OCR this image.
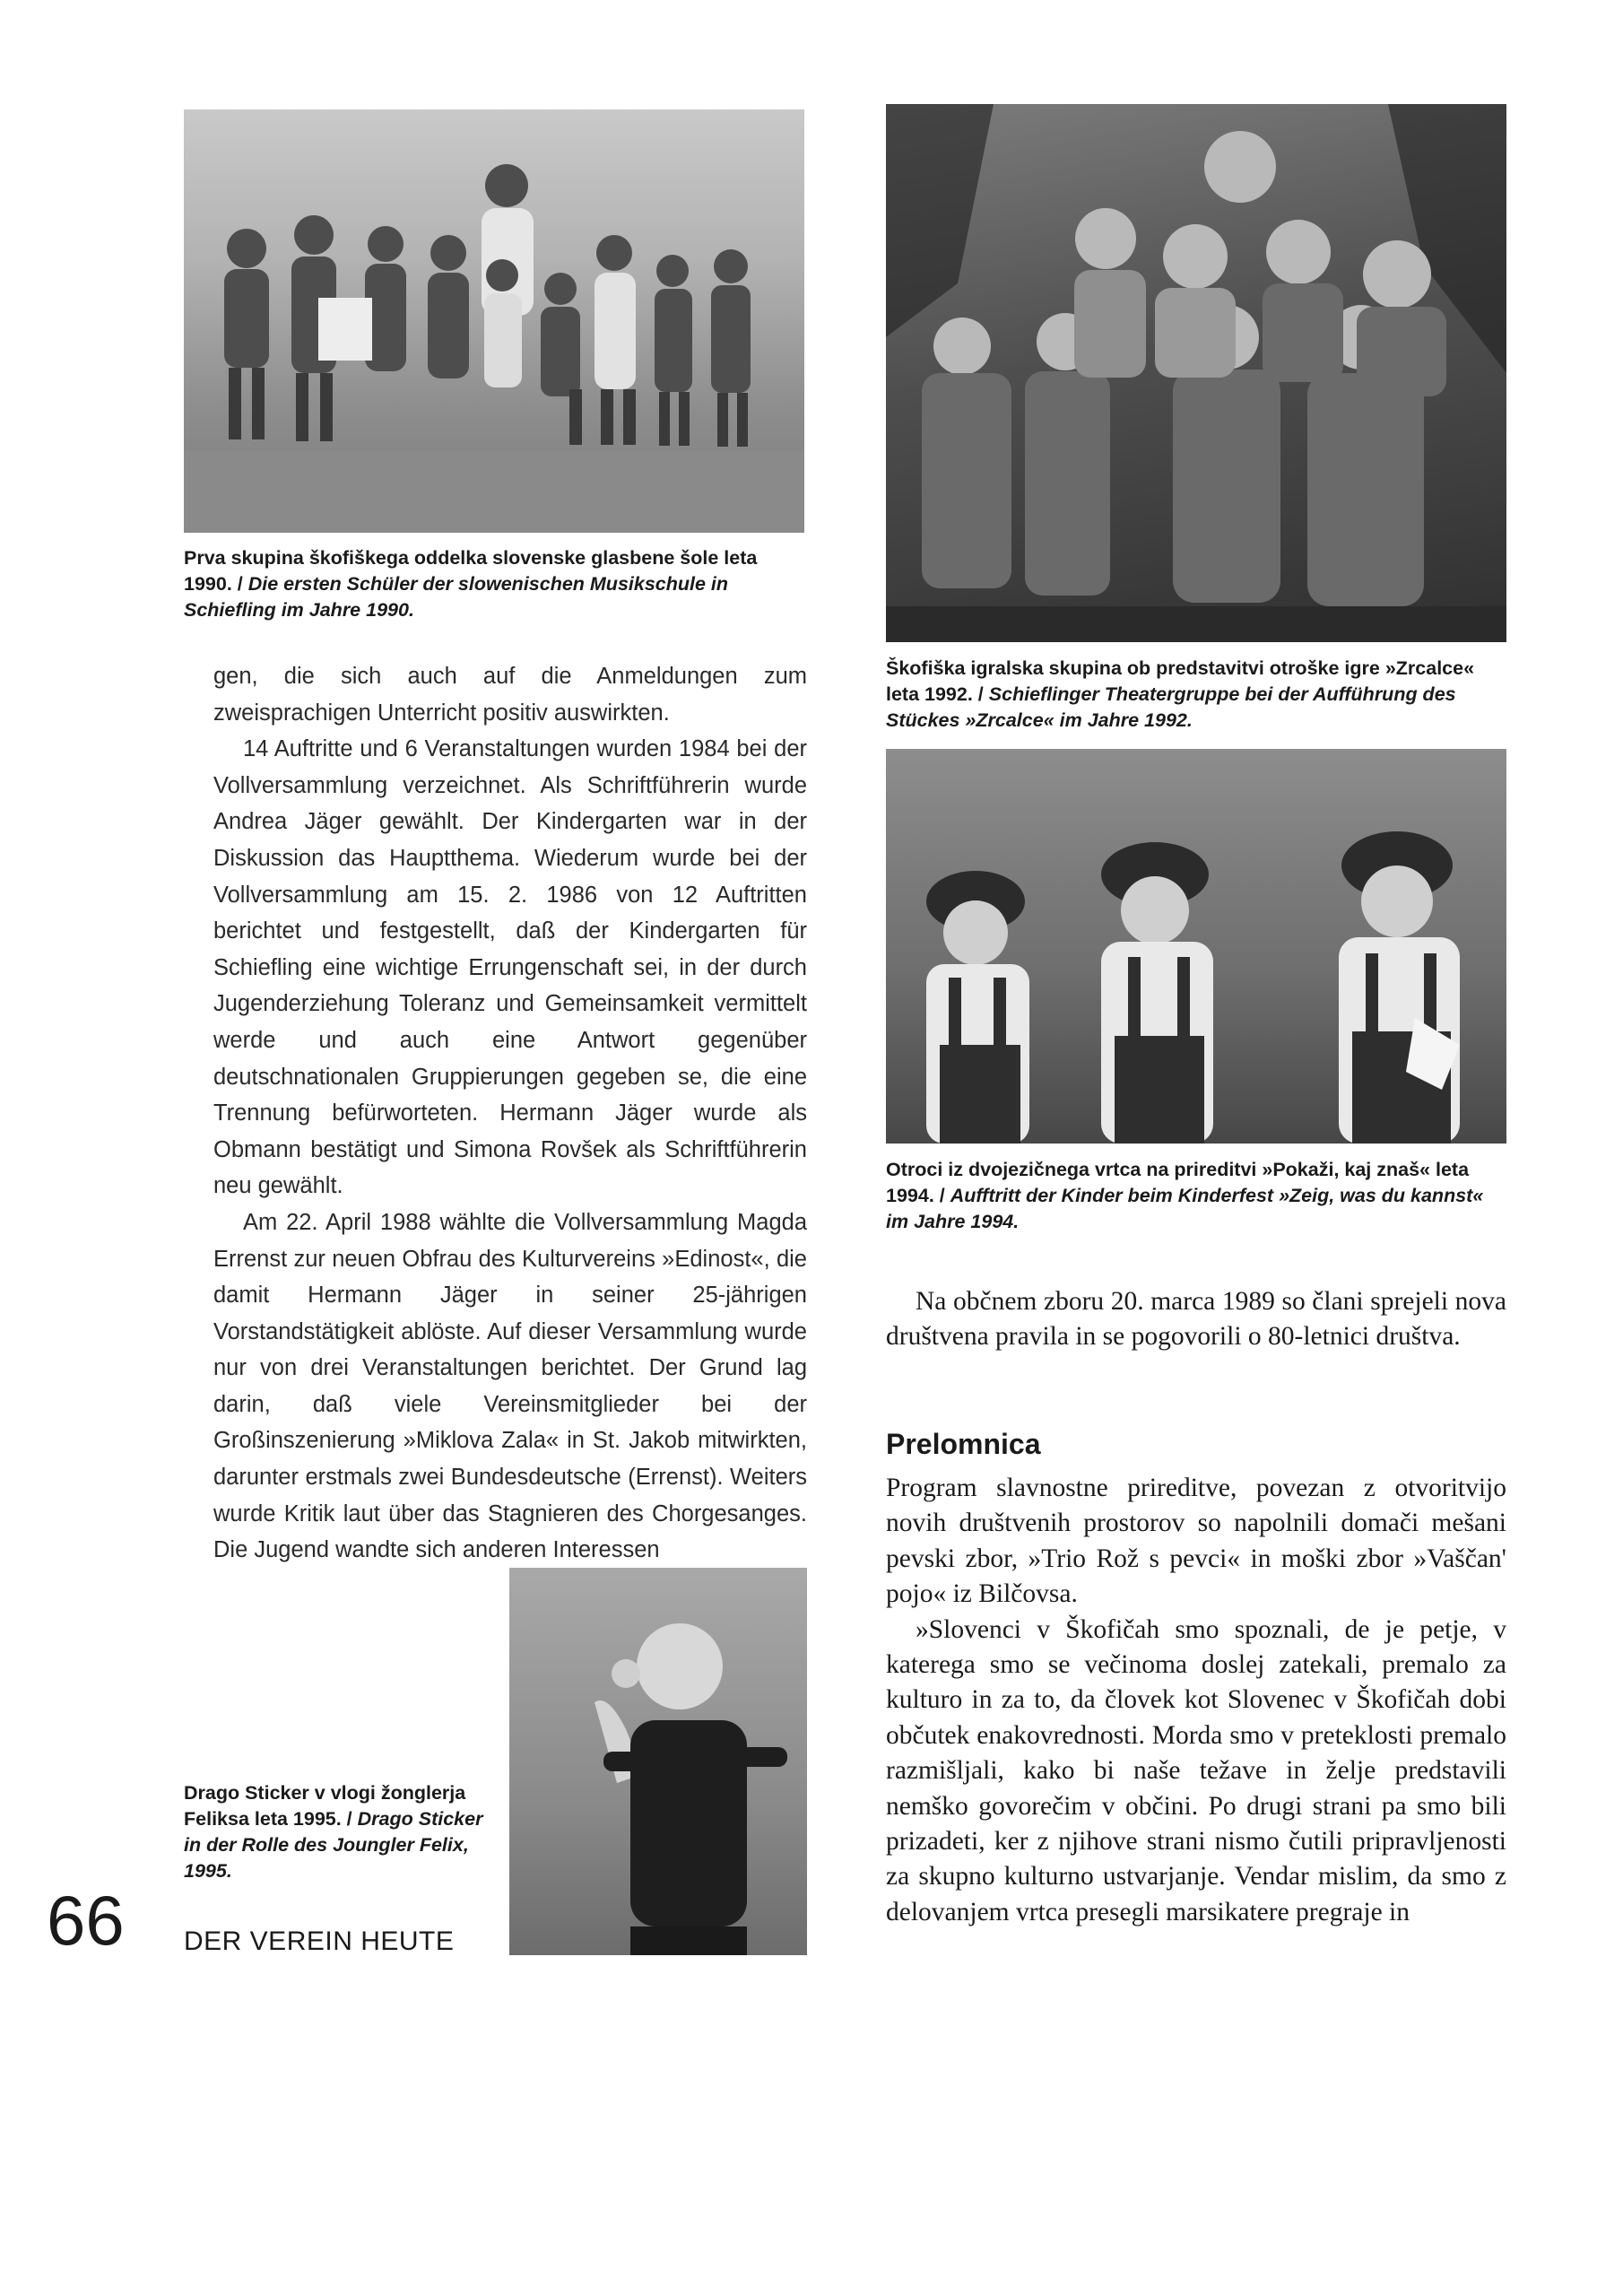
Prva skupina škofiškega oddelka slovenske glasbene šole leta 1990. / Die ersten Schüler der slowenischen Musikschule in Schiefling im Jahre 1990.

Škofiška igralska skupina ob predstavitvi otroške igre »Zrcalce« leta 1992. / Schieflinger Theatergruppe bei der Aufführung des Stückes »Zrcalce« im Jahre 1992.

Otroci iz dvojezičnega vrtca na prireditvi »Pokaži, kaj znaš« leta 1994. / Aufftritt der Kinder beim Kinderfest »Zeig, was du kannst« im Jahre 1994.

gen, die sich auch auf die Anmeldungen zum zweisprachigen Unterricht positiv auswirkten.

14 Auftritte und 6 Veranstaltungen wurden 1984 bei der Vollversammlung verzeichnet. Als Schriftführerin wurde Andrea Jäger gewählt. Der Kindergarten war in der Diskussion das Hauptthema. Wiederum wurde bei der Vollversammlung am 15. 2. 1986 von 12 Auftritten berichtet und festgestellt, daß der Kindergarten für Schiefling eine wichtige Errungenschaft sei, in der durch Jugenderziehung Toleranz und Gemeinsamkeit vermittelt werde und auch eine Antwort gegenüber deutschnationalen Gruppierungen gegeben se, die eine Trennung befürworteten. Hermann Jäger wurde als Obmann bestätigt und Simona Rovšek als Schriftführerin neu gewählt.

Am 22. April 1988 wählte die Vollversammlung Magda Errenst zur neuen Obfrau des Kulturvereins »Edinost«, die damit Hermann Jäger in seiner 25-jährigen Vorstandstätigkeit ablöste. Auf dieser Versammlung wurde nur von drei Veranstaltungen berichtet. Der Grund lag darin, daß viele Vereinsmitglieder bei der Großinszenierung »Miklova Zala« in St. Jakob mitwirkten, darunter erstmals zwei Bundesdeutsche (Errenst). Weiters wurde Kritik laut über das Stagnieren des Chorgesanges. Die Jugend wandte sich anderen Interessen

Drago Sticker v vlogi žonglerja Feliksa leta 1995. / Drago Sticker in der Rolle des Joungler Felix, 1995.

66 DER VEREIN HEUTE

Na občnem zboru 20. marca 1989 so člani sprejeli nova društvena pravila in se pogovorili o 80-letnici društva.

Prelomnica

Program slavnostne prireditve, povezan z otvoritvijo novih društvenih prostorov so napolnili domači mešani pevski zbor, »Trio Rož s pevci« in moški zbor »Vaščan' pojo« iz Bilčovsa.

»Slovenci v Škofičah smo spoznali, de je petje, v katerega smo se večinoma doslej zatekali, premalo za kulturo in za to, da človek kot Slovenec v Škofičah dobi občutek enakovrednosti. Morda smo v preteklosti premalo razmišljali, kako bi naše težave in želje predstavili nemško govorečim v občini. Po drugi strani pa smo bili prizadeti, ker z njihove strani nismo čutili pripravljenosti za skupno kulturno ustvarjanje. Vendar mislim, da smo z delovanjem vrtca presegli marsikatere pregraje in
